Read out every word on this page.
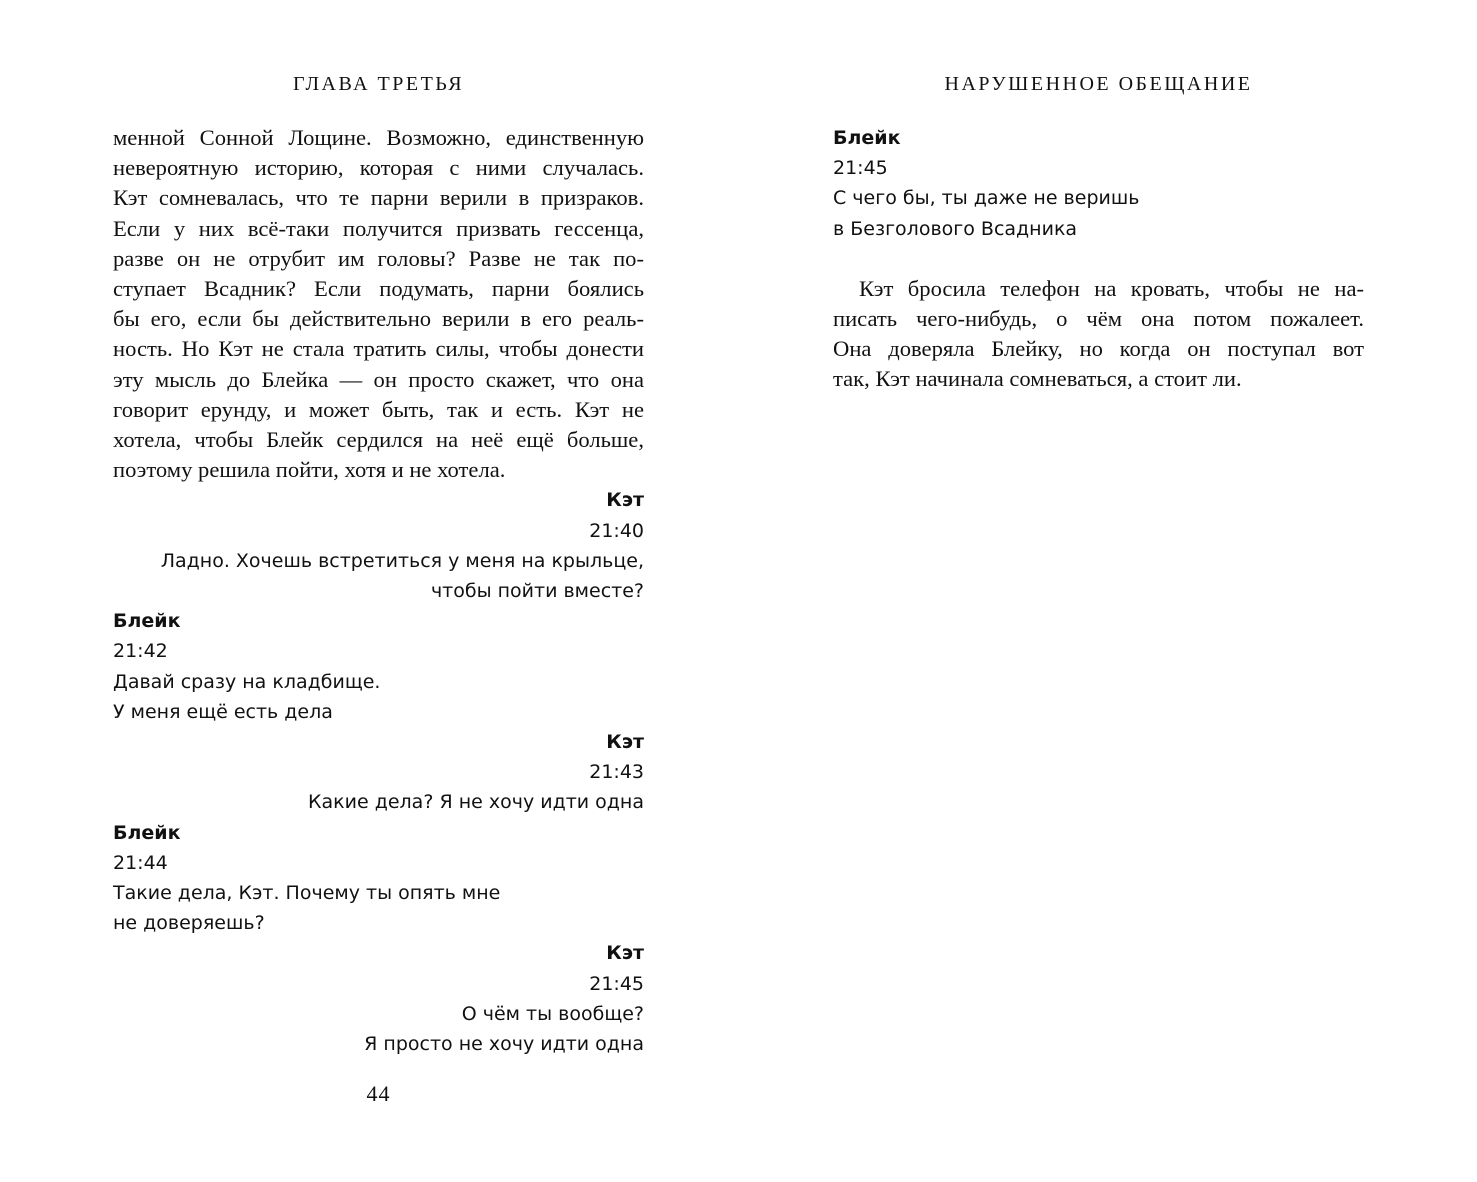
ГЛАВА ТРЕТЬЯ
менной Сонной Лощине. Возможно, единственную
невероятную историю, которая с ними случалась.
Кэт сомневалась, что те парни верили в призраков.
Если у них всё-таки получится призвать гессенца,
разве он не отрубит им головы? Разве не так по-
ступает Всадник? Если подумать, парни боялись
бы его, если бы действительно верили в его реаль-
ность. Но Кэт не стала тратить силы, чтобы донести
эту мысль до Блейка — он просто скажет, что она
говорит ерунду, и может быть, так и есть. Кэт не
хотела, чтобы Блейк сердился на неё ещё больше,
поэтому решила пойти, хотя и не хотела.
Кэт
21:40
Ладно. Хочешь встретиться у меня на крыльце,
чтобы пойти вместе?
Блейк
21:42
Давай сразу на кладбище.
У меня ещё есть дела
Кэт
21:43
Какие дела? Я не хочу идти одна
Блейк
21:44
Такие дела, Кэт. Почему ты опять мне
не доверяешь?
Кэт
21:45
О чём ты вообще?
Я просто не хочу идти одна
44
НАРУШЕННОЕ ОБЕЩАНИЕ
Блейк
21:45
С чего бы, ты даже не веришь
в Безголового Всадника
Кэт бросила телефон на кровать, чтобы не на-
писать чего-нибудь, о чём она потом пожалеет.
Она доверяла Блейку, но когда он поступал вот
так, Кэт начинала сомневаться, а стоит ли.
